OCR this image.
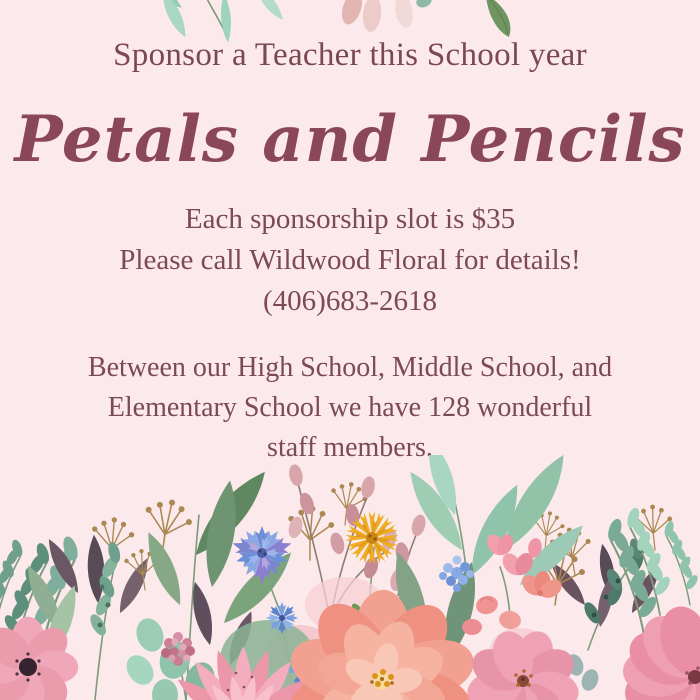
Sponsor a Teacher this School year
Petals and Pencils
Each sponsorship slot is $35
Please call Wildwood Floral for details!
(406)683-2618
Between our High School, Middle School, and
Elementary School we have 128 wonderful
staff members.
